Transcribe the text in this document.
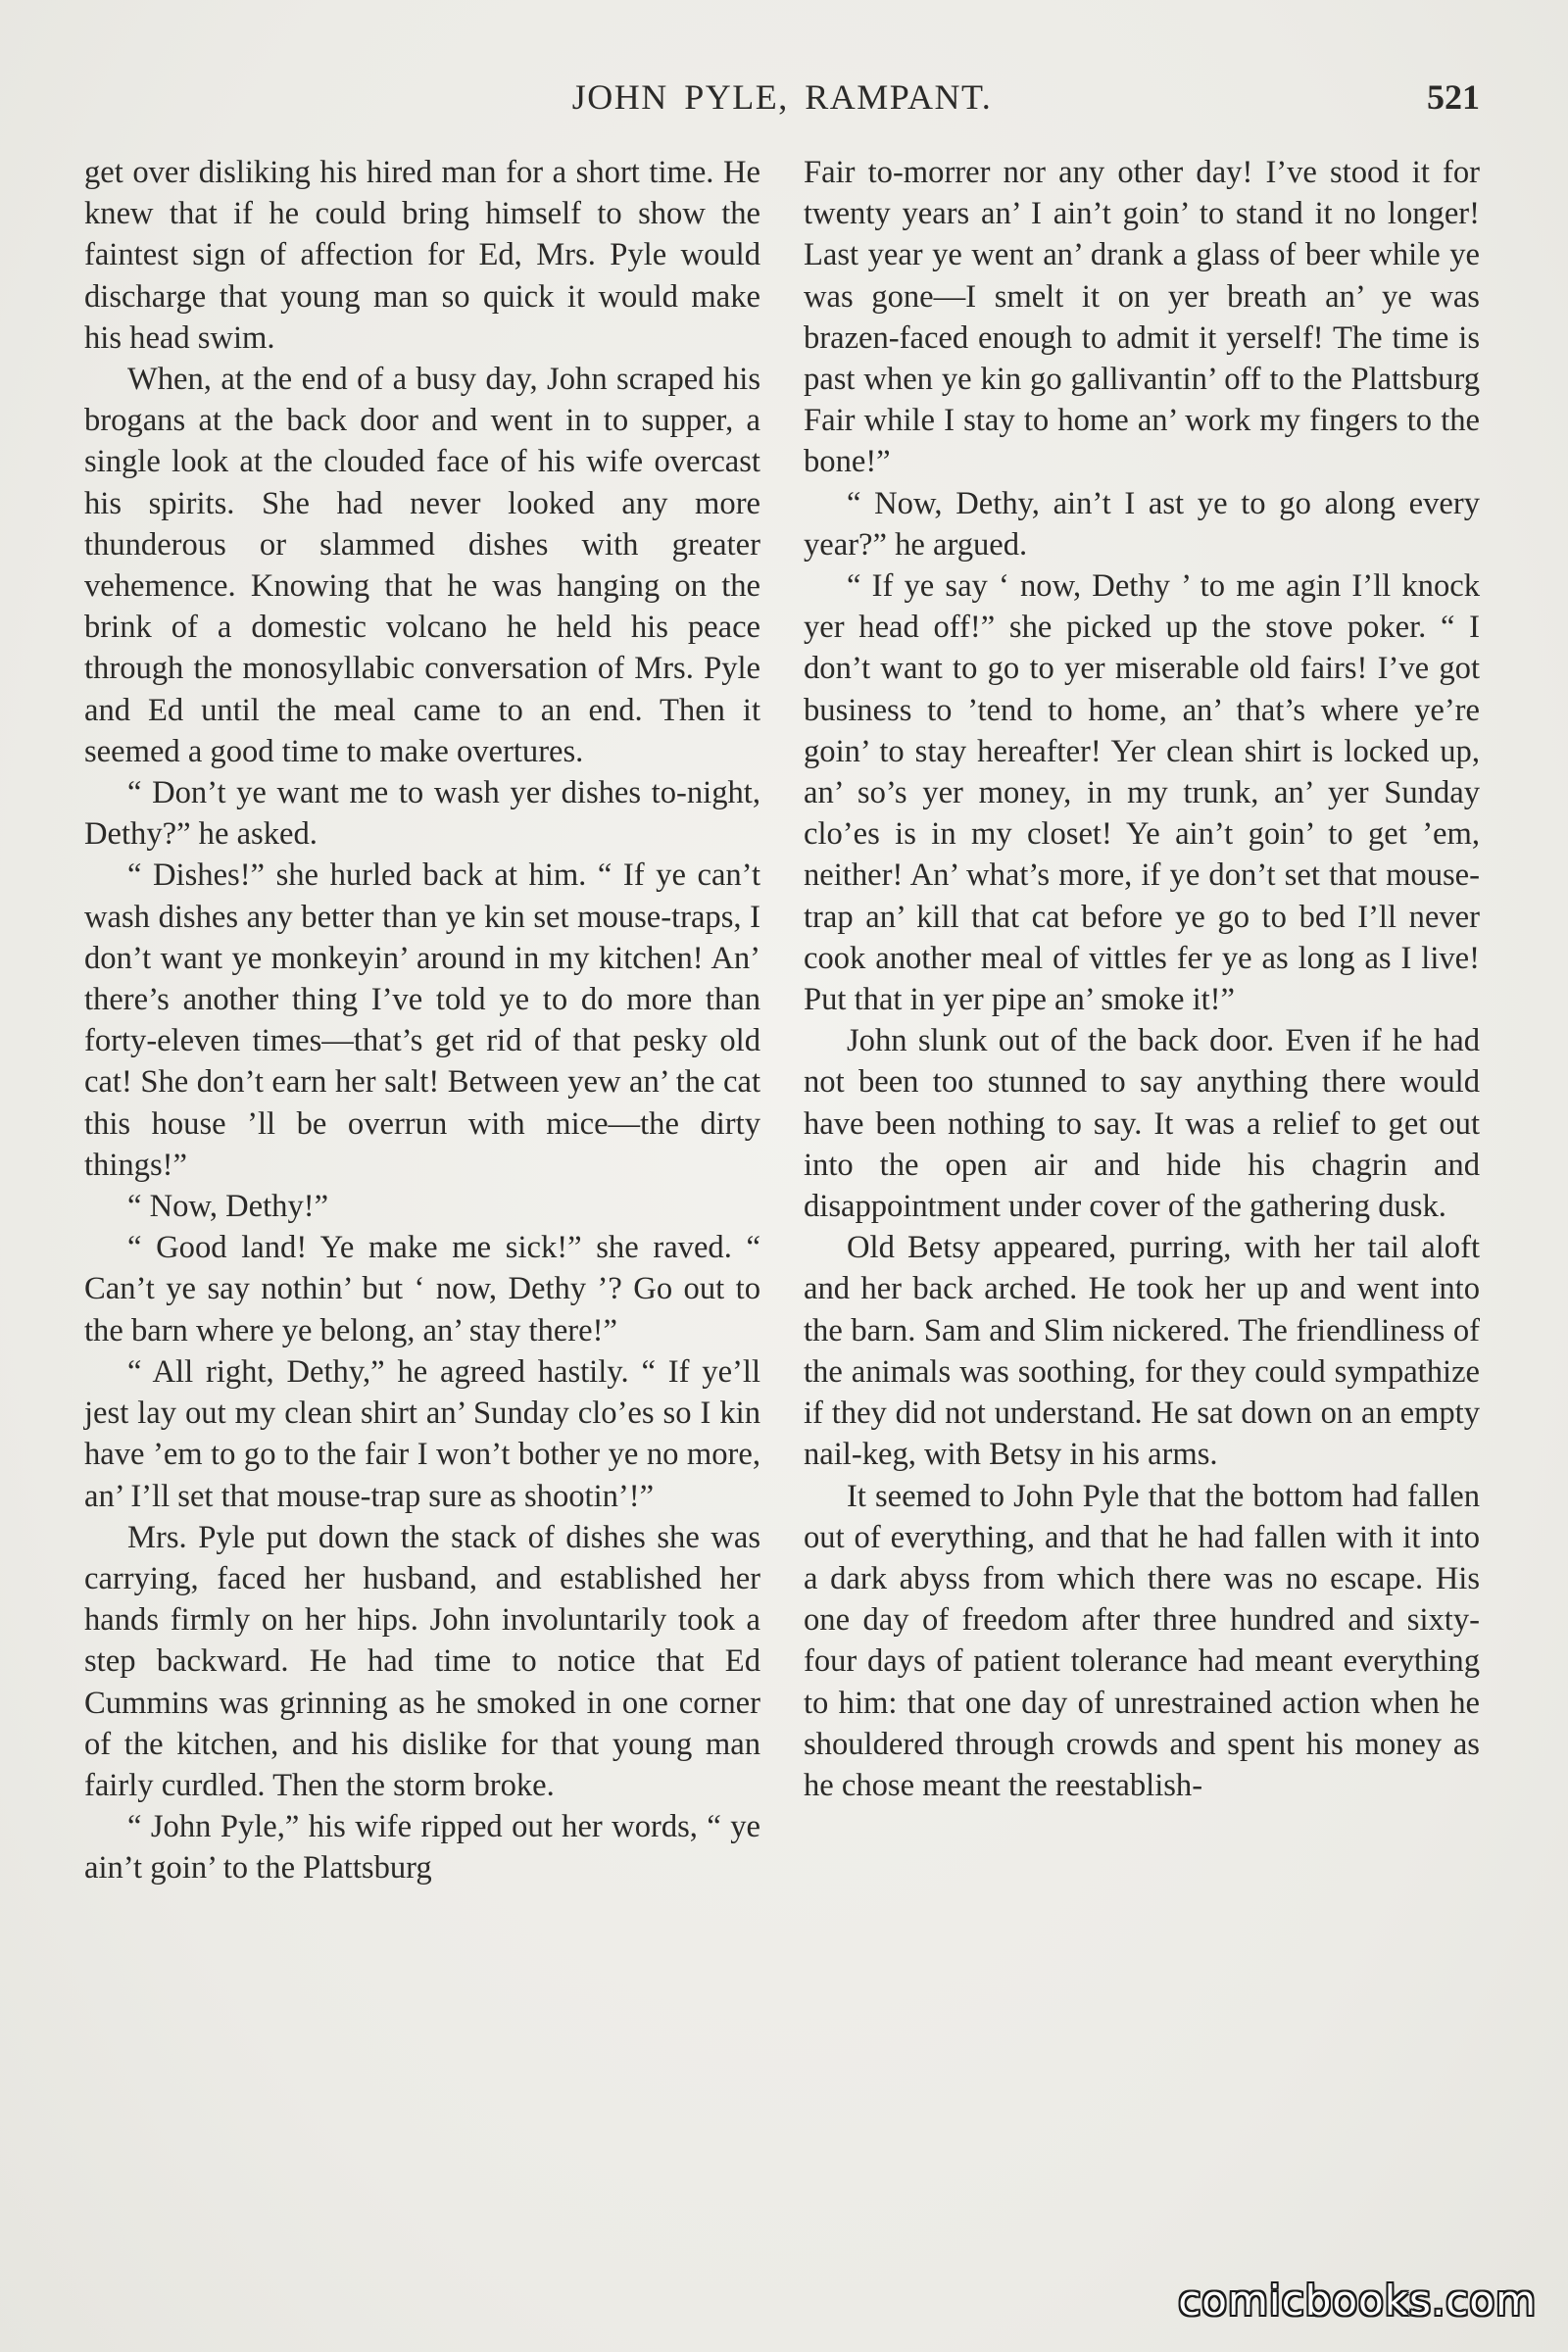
JOHN PYLE, RAMPANT.	521

get over disliking his hired man for a short time. He knew that if he could bring himself to show the faintest sign of affection for Ed, Mrs. Pyle would discharge that young man so quick it would make his head swim.

When, at the end of a busy day, John scraped his brogans at the back door and went in to supper, a single look at the clouded face of his wife overcast his spirits. She had never looked any more thunderous or slammed dishes with greater vehemence. Knowing that he was hanging on the brink of a domestic volcano he held his peace through the monosyllabic conversation of Mrs. Pyle and Ed until the meal came to an end. Then it seemed a good time to make overtures.

“ Don’t ye want me to wash yer dishes to-night, Dethy?” he asked.

“ Dishes!” she hurled back at him. “ If ye can’t wash dishes any better than ye kin set mouse-traps, I don’t want ye monkeyin’ around in my kitchen! An’ there’s another thing I’ve told ye to do more than forty-eleven times—that’s get rid of that pesky old cat! She don’t earn her salt! Between yew an’ the cat this house ’ll be overrun with mice—the dirty things!”

“ Now, Dethy!”

“ Good land! Ye make me sick!” she raved. “ Can’t ye say nothin’ but ‘ now, Dethy ’? Go out to the barn where ye belong, an’ stay there!”

“ All right, Dethy,” he agreed hastily. “ If ye’ll jest lay out my clean shirt an’ Sunday clo’es so I kin have ’em to go to the fair I won’t bother ye no more, an’ I’ll set that mouse-trap sure as shootin’!”

Mrs. Pyle put down the stack of dishes she was carrying, faced her husband, and established her hands firmly on her hips. John involuntarily took a step backward. He had time to notice that Ed Cummins was grinning as he smoked in one corner of the kitchen, and his dislike for that young man fairly curdled. Then the storm broke.

“ John Pyle,” his wife ripped out her words, “ ye ain’t goin’ to the Plattsburg

Fair to-morrer nor any other day! I’ve stood it for twenty years an’ I ain’t goin’ to stand it no longer! Last year ye went an’ drank a glass of beer while ye was gone—I smelt it on yer breath an’ ye was brazen-faced enough to admit it yerself! The time is past when ye kin go gallivantin’ off to the Plattsburg Fair while I stay to home an’ work my fingers to the bone!”

“ Now, Dethy, ain’t I ast ye to go along every year?” he argued.

“ If ye say ‘ now, Dethy ’ to me agin I’ll knock yer head off!” she picked up the stove poker. “ I don’t want to go to yer miserable old fairs! I’ve got business to ’tend to home, an’ that’s where ye’re goin’ to stay hereafter! Yer clean shirt is locked up, an’ so’s yer money, in my trunk, an’ yer Sunday clo’es is in my closet! Ye ain’t goin’ to get ’em, neither! An’ what’s more, if ye don’t set that mouse-trap an’ kill that cat before ye go to bed I’ll never cook another meal of vittles fer ye as long as I live! Put that in yer pipe an’ smoke it!”

John slunk out of the back door. Even if he had not been too stunned to say anything there would have been nothing to say. It was a relief to get out into the open air and hide his chagrin and disappointment under cover of the gathering dusk.

Old Betsy appeared, purring, with her tail aloft and her back arched. He took her up and went into the barn. Sam and Slim nickered. The friendliness of the animals was soothing, for they could sympathize if they did not understand. He sat down on an empty nail-keg, with Betsy in his arms.

It seemed to John Pyle that the bottom had fallen out of everything, and that he had fallen with it into a dark abyss from which there was no escape. His one day of freedom after three hundred and sixty-four days of patient tolerance had meant everything to him: that one day of unrestrained action when he shouldered through crowds and spent his money as he chose meant the reestablish-

comicbooks.com
